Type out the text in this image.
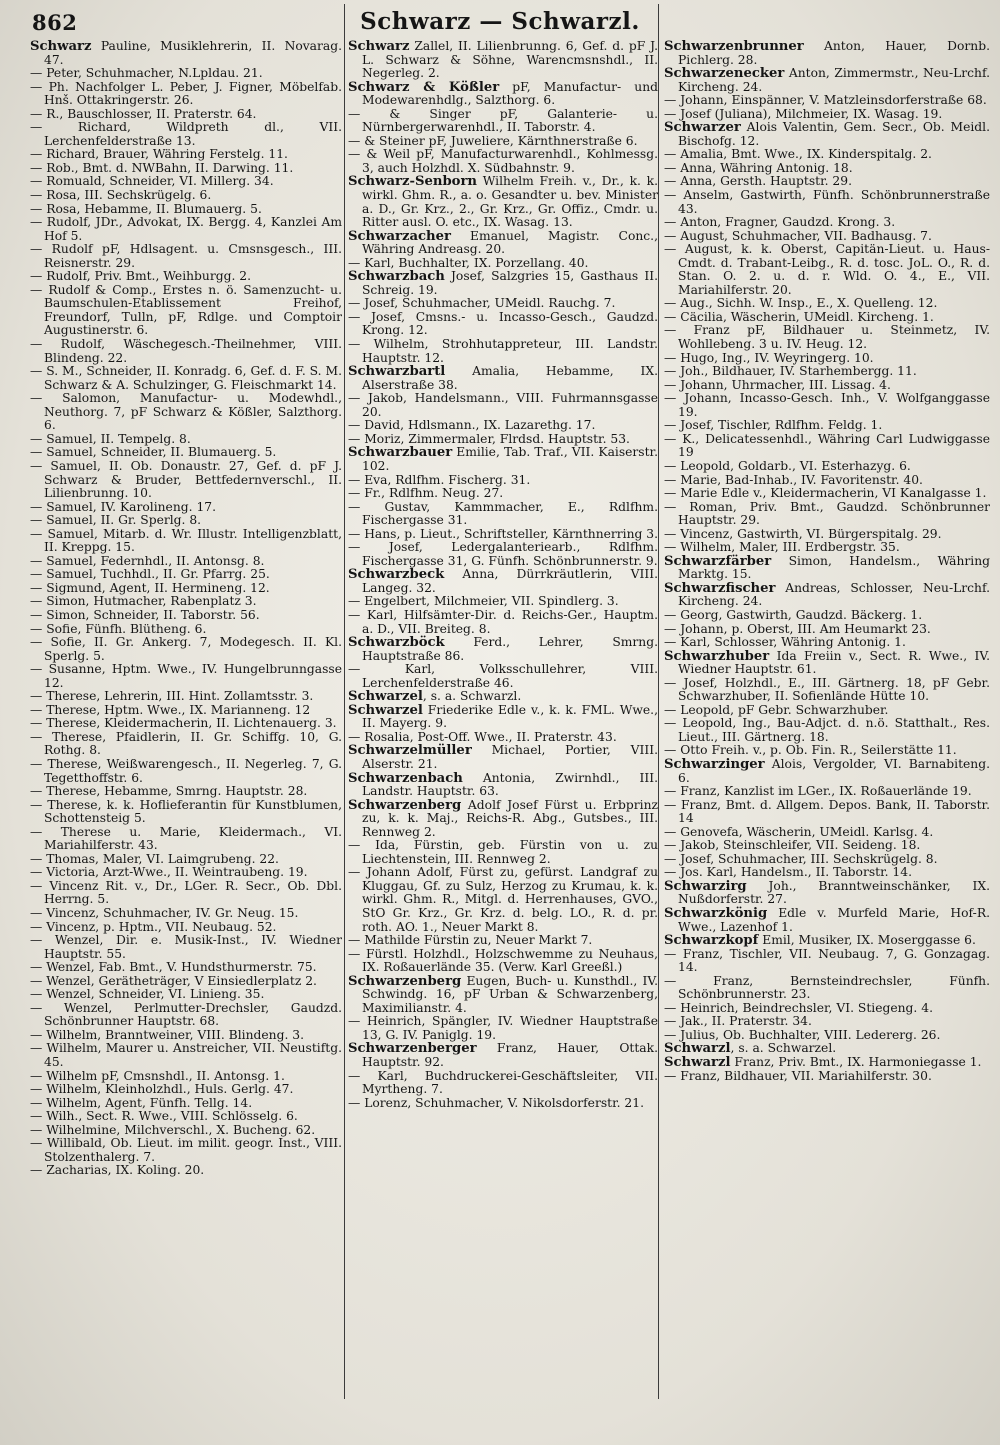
862	Schwarz — Schwarzl.
Schwarz Pauline, Musiklehrerin, II. Novarag. 47.
— Peter, Schuhmacher, N.Lpldau. 21.
— Ph. Nachfolger L. Peber, J. Figner, Möbelfab. Hnš. Ottakringerstr. 26.
— R., Bauschlosser, II. Praterstr. 64.
— Richard, Wildpreth dl., VII. Lerchenfelderstraße 13.
— Richard, Brauer, Währing Ferstelg. 11.
— Rob., Bmt. d. NWBahn, II. Darwing. 11.
— Romuald, Schneider, VI. Millerg. 34.
— Rosa, III. Sechskrügelg. 6.
— Rosa, Hebamme, II. Blumauerg. 5.
— Rudolf, JDr., Advokat, IX. Bergg. 4, Kanzlei Am Hof 5.
— Rudolf pF, Hdlsagent. u. Cmsnsgesch., III. Reisnerstr. 29.
— Rudolf, Priv. Bmt., Weihburgg. 2.
— Rudolf & Comp., Erstes n. ö. Samenzucht- u. Baumschulen-Etablissement Freihof, Freundorf, Tulln, pF, Rdlge. und Comptoir Augustinerstr. 6.
— Rudolf, Wäschegesch.-Theilnehmer, VIII. Blindeng. 22.
— S. M., Schneider, II. Konradg. 6, Gef. d. F. S. M. Schwarz & A. Schulzinger, G. Fleischmarkt 14.
— Salomon, Manufactur- u. Modewhdl., Neuthorg. 7, pF Schwarz & Kößler, Salzthorg. 6.
— Samuel, II. Tempelg. 8.
— Samuel, Schneider, II. Blumauerg. 5.
— Samuel, II. Ob. Donaustr. 27, Gef. d. pF J. Schwarz & Bruder, Bettfedernverschl., II. Lilienbrunng. 10.
— Samuel, IV. Karolineng. 17.
— Samuel, II. Gr. Sperlg. 8.
— Samuel, Mitarb. d. Wr. Illustr. Intelligenzblatt, II. Kreppg. 15.
— Samuel, Federnhdl., II. Antonsg. 8.
— Samuel, Tuchhdl., II. Gr. Pfarrg. 25.
— Sigmund, Agent, II. Hermineng. 12.
— Simon, Hutmacher, Rabenplatz 3.
— Simon, Schneider, II. Taborstr. 56.
— Sofie, Fünfh. Blütheng. 6.
— Sofie, II. Gr. Ankerg. 7, Modegesch. II. Kl. Sperlg. 5.
— Susanne, Hptm. Wwe., IV. Hungelbrunngasse 12.
— Therese, Lehrerin, III. Hint. Zollamtsstr. 3.
— Therese, Hptm. Wwe., IX. Marianneng. 12
— Therese, Kleidermacherin, II. Lichtenauerg. 3.
— Therese, Pfaidlerin, II. Gr. Schiffg. 10, G. Rothg. 8.
— Therese, Weißwarengesch., II. Negerleg. 7, G. Tegetthoffstr. 6.
— Therese, Hebamme, Smrng. Hauptstr. 28.
— Therese, k. k. Hoflieferantin für Kunstblumen, Schottensteig 5.
— Therese u. Marie, Kleidermach., VI. Mariahilferstr. 43.
— Thomas, Maler, VI. Laimgrubeng. 22.
— Victoria, Arzt-Wwe., II. Weintraubeng. 19.
— Vincenz Rit. v., Dr., LGer. R. Secr., Ob. Dbl. Herrng. 5.
— Vincenz, Schuhmacher, IV. Gr. Neug. 15.
— Vincenz, p. Hptm., VII. Neubaug. 52.
— Wenzel, Dir. e. Musik-Inst., IV. Wiedner Hauptstr. 55.
— Wenzel, Fab. Bmt., V. Hundsthurmerstr. 75.
— Wenzel, Gerätheträger, V Einsiedlerplatz 2.
— Wenzel, Schneider, VI. Linieng. 35.
— Wenzel, Perlmutter-Drechsler, Gaudzd. Schönbrunner Hauptstr. 68.
— Wilhelm, Branntweiner, VIII. Blindeng. 3.
— Wilhelm, Maurer u. Anstreicher, VII. Neustiftg. 45.
— Wilhelm pF, Cmsnshdl., II. Antonsg. 1.
— Wilhelm, Kleinholzhdl., Huls. Gerlg. 47.
— Wilhelm, Agent, Fünfh. Tellg. 14.
— Wilh., Sect. R. Wwe., VIII. Schlösselg. 6.
— Wilhelmine, Milchverschl., X. Bucheng. 62.
— Willibald, Ob. Lieut. im milit. geogr. Inst., VIII. Stolzenthalerg. 7.
— Zacharias, IX. Koling. 20.
Schwarz Zallel, II. Lilienbrunng. 6, Gef. d. pF J. L. Schwarz & Söhne, Warencmsnshdl., II. Negerleg. 2.
Schwarz & Kößler pF, Manufactur- und Modewarenhdlg., Salzthorg. 6.
— & Singer pF, Galanterie- u. Nürnbergerwarenhdl., II. Taborstr. 4.
— & Steiner pF, Juweliere, Kärnthnerstraße 6.
— & Weil pF, Manufacturwarenhdl., Kohlmessg. 3, auch Holzhdl. X. Südbahnstr. 9.
Schwarz-Senborn Wilhelm Freih. v., Dr., k. k. wirkl. Ghm. R., a. o. Gesandter u. bev. Minister a. D., Gr. Krz., 2., Gr. Krz., Gr. Offiz., Cmdr. u. Ritter ausl. O. etc., IX. Wasag. 13.
Schwarzacher Emanuel, Magistr. Conc., Währing Andreasg. 20.
— Karl, Buchhalter, IX. Porzellang. 40.
Schwarzbach Josef, Salzgries 15, Gasthaus II. Schreig. 19.
— Josef, Schuhmacher, UMeidl. Rauchg. 7.
— Josef, Cmsns.- u. Incasso-Gesch., Gaudzd. Krong. 12.
— Wilhelm, Strohhutappreteur, III. Landstr. Hauptstr. 12.
Schwarzbartl Amalia, Hebamme, IX. Alserstraße 38.
— Jakob, Handelsmann., VIII. Fuhrmannsgasse 20.
— David, Hdlsmann., IX. Lazarethg. 17.
— Moriz, Zimmermaler, Flrdsd. Hauptstr. 53.
Schwarzbauer Emilie, Tab. Traf., VII. Kaiserstr. 102.
— Eva, Rdlfhm. Fischerg. 31.
— Fr., Rdlfhm. Neug. 27.
— Gustav, Kammmacher, E., Rdlfhm. Fischergasse 31.
— Hans, p. Lieut., Schriftsteller, Kärnthnerring 3.
— Josef, Ledergalanteriearb., Rdlfhm. Fischergasse 31, G. Fünfh. Schönbrunnerstr. 9.
Schwarzbeck Anna, Dürrkräutlerin, VIII. Langeg. 32.
— Engelbert, Milchmeier, VII. Spindlerg. 3.
— Karl, Hilfsämter-Dir. d. Reichs-Ger., Hauptm. a. D., VII. Breiteg. 8.
Schwarzböck Ferd., Lehrer, Smrng. Hauptstraße 86.
— Karl, Volksschullehrer, VIII. Lerchenfelderstraße 46.
Schwarzel, s. a. Schwarzl.
Schwarzel Friederike Edle v., k. k. FML. Wwe., II. Mayerg. 9.
— Rosalia, Post-Off. Wwe., II. Praterstr. 43.
Schwarzelmüller Michael, Portier, VIII. Alserstr. 21.
Schwarzenbach Antonia, Zwirnhdl., III. Landstr. Hauptstr. 63.
Schwarzenberg Adolf Josef Fürst u. Erbprinz zu, k. k. Maj., Reichs-R. Abg., Gutsbes., III. Rennweg 2.
— Ida, Fürstin, geb. Fürstin von u. zu Liechtenstein, III. Rennweg 2.
— Johann Adolf, Fürst zu, gefürst. Landgraf zu Kluggau, Gf. zu Sulz, Herzog zu Krumau, k. k. wirkl. Ghm. R., Mitgl. d. Herrenhauses, GVO., StO Gr. Krz., Gr. Krz. d. belg. LO., R. d. pr. roth. AO. 1., Neuer Markt 8.
— Mathilde Fürstin zu, Neuer Markt 7.
— Fürstl. Holzhdl., Holzschwemme zu Neuhaus, IX. Roßauerlände 35. (Verw. Karl Greeßl.)
Schwarzenberg Eugen, Buch- u. Kunsthdl., IV. Schwindg. 16, pF Urban & Schwarzenberg, Maximilianstr. 4.
— Heinrich, Spängler, IV. Wiedner Hauptstraße 13, G. IV. Paniglg. 19.
Schwarzenberger Franz, Hauer, Ottak. Hauptstr. 92.
— Karl, Buchdruckerei-Geschäftsleiter, VII. Myrtheng. 7.
— Lorenz, Schuhmacher, V. Nikolsdorferstr. 21.
Schwarzenbrunner Anton, Hauer, Dornb. Pichlerg. 28.
Schwarzenecker Anton, Zimmermstr., Neu-Lrchf. Kircheng. 24.
— Johann, Einspänner, V. Matzleinsdorferstraße 68.
— Josef (Juliana), Milchmeier, IX. Wasag. 19.
Schwarzer Alois Valentin, Gem. Secr., Ob. Meidl. Bischofg. 12.
— Amalia, Bmt. Wwe., IX. Kinderspitalg. 2.
— Anna, Währing Antonig. 18.
— Anna, Gersth. Hauptstr. 29.
— Anselm, Gastwirth, Fünfh. Schönbrunnerstraße 43.
— Anton, Fragner, Gaudzd. Krong. 3.
— August, Schuhmacher, VII. Badhausg. 7.
— August, k. k. Oberst, Capitän-Lieut. u. Haus-Cmdt. d. Trabant-Leibg., R. d. tosc. JoL. O., R. d. Stan. O. 2. u. d. r. Wld. O. 4., E., VII. Mariahilferstr. 20.
— Aug., Sichh. W. Insp., E., X. Quelleng. 12.
— Cäcilia, Wäscherin, UMeidl. Kircheng. 1.
— Franz pF, Bildhauer u. Steinmetz, IV. Wohllebeng. 3 u. IV. Heug. 12.
— Hugo, Ing., IV. Weyringerg. 10.
— Joh., Bildhauer, IV. Starhembergg. 11.
— Johann, Uhrmacher, III. Lissag. 4.
— Johann, Incasso-Gesch. Inh., V. Wolfganggasse 19.
— Josef, Tischler, Rdlfhm. Feldg. 1.
— K., Delicatessenhdl., Währing Carl Ludwiggasse 19
— Leopold, Goldarb., VI. Esterhazyg. 6.
— Marie, Bad-Inhab., IV. Favoritenstr. 40.
— Marie Edle v., Kleidermacherin, VI Kanalgasse 1.
— Roman, Priv. Bmt., Gaudzd. Schönbrunner Hauptstr. 29.
— Vincenz, Gastwirth, VI. Bürgerspitalg. 29.
— Wilhelm, Maler, III. Erdbergstr. 35.
Schwarzfärber Simon, Handelsm., Währing Marktg. 15.
Schwarzfischer Andreas, Schlosser, Neu-Lrchf. Kircheng. 24.
— Georg, Gastwirth, Gaudzd. Bäckerg. 1.
— Johann, p. Oberst, III. Am Heumarkt 23.
— Karl, Schlosser, Währing Antonig. 1.
Schwarzhuber Ida Freiin v., Sect. R. Wwe., IV. Wiedner Hauptstr. 61.
— Josef, Holzhdl., E., III. Gärtnerg. 18, pF Gebr. Schwarzhuber, II. Sofienlände Hütte 10.
— Leopold, pF Gebr. Schwarzhuber.
— Leopold, Ing., Bau-Adjct. d. n.ö. Statthalt., Res. Lieut., III. Gärtnerg. 18.
— Otto Freih. v., p. Ob. Fin. R., Seilerstätte 11.
Schwarzinger Alois, Vergolder, VI. Barnabiteng. 6.
— Franz, Kanzlist im LGer., IX. Roßauerlände 19.
— Franz, Bmt. d. Allgem. Depos. Bank, II. Taborstr. 14
— Genovefa, Wäscherin, UMeidl. Karlsg. 4.
— Jakob, Steinschleifer, VII. Seideng. 18.
— Josef, Schuhmacher, III. Sechskrügelg. 8.
— Jos. Karl, Handelsm., II. Taborstr. 14.
Schwarzirg Joh., Branntweinschänker, IX. Nußdorferstr. 27.
Schwarzkönig Edle v. Murfeld Marie, Hof-R. Wwe., Lazenhof 1.
Schwarzkopf Emil, Musiker, IX. Moserggasse 6.
— Franz, Tischler, VII. Neubaug. 7, G. Gonzagag. 14.
— Franz, Bernsteindrechsler, Fünfh. Schönbrunnerstr. 23.
— Heinrich, Beindrechsler, VI. Stiegeng. 4.
— Jak., II. Praterstr. 34.
— Julius, Ob. Buchhalter, VIII. Ledererg. 26.
Schwarzl, s. a. Schwarzel.
Schwarzl Franz, Priv. Bmt., IX. Harmoniegasse 1.
— Franz, Bildhauer, VII. Mariahilferstr. 30.
